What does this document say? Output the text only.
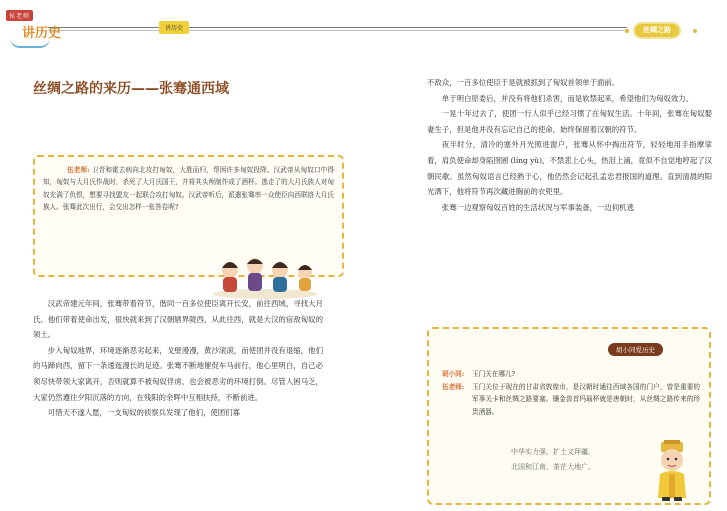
侯老师
讲历史	讲历史	丝绸之路
丝绸之路的来历——张骞通西域
伍老师: 卫青和霍去病向北攻打匈奴，大胜而归，帮困许多匈奴投降。汉武帝从匈奴口中得知，匈奴与大月氏作战时，杀死了大月氏国王，并将其头颅制作成了酒杯。逃走了的大月氏族人对匈奴充满了仇恨，想要寻找盟友一起联合攻打匈奴。汉武帝听后，派遣张骞率一众使臣向西联络大月氏族人。张骞此次出行，会交出怎样一张答卷呢?

汉武帝建元年间，张骞带着符节，偕同一百多位使臣离开长安，前往西域，寻找大月氏。他们带着使命出发，很快就来到了汉朝辖界陇西，从此往西，就是大汉的宿敌匈奴的领土。

步入匈奴地界，环境逐渐恶劣起来，戈壁漫漫，黄沙滚滚，而使团并没有退缩，他们的马蹄向西，留下一条逶迤漫长的足迹。张骞不断地催促车马前行，他心里明白，自己必须尽快带领大家离开，否则就算不被匈奴俘虏，也会被恶劣的环境打倒。尽管人困马乏，大家仍然遵往夕阳沉落的方向，在残阳的余晖中互相扶持，不断前进。

可惜天不遂人愿，一支匈奴的侦察兵发现了他们，使团们寡

不敌众，一百多位使臣于是就被抓到了匈奴首领单于面前。

单于明白原委后，并没有将他们杀害，而是软禁起来，希望他们为匈奴效力。

一晃十年过去了，使团一行人似乎已经习惯了在匈奴生活。十年间，张骞在匈奴娶妻生子，但是他并没有忘记自己的使命，始终保留着汉朝的符节。

夜半时分，清冷的塞外月光照进窗户，张骞从怀中掏出符节，轻轻地用手指摩挲着，肩负使命却身陷囹圄 (líng yǔ)，不禁悲上心头，热泪上涌，竟似不自觉地哼起了汉朝民歌。虽然匈奴语言已经熟于心，他仍然会记起孔孟忠君报国的道理。直到清晨的阳光洒下，他将符节再次藏进胸前的衣兜里。

张骞一边观察匈奴百姓的生活状况与军事装备，一边伺机逃

胡小同爱历史
胡小同:	玉门关在哪儿?
伍老师:	玉门关位于现在的甘肃省敦煌市，是汉朝时通往西域各国的门户，曾是重要的军事关卡和丝绸之路要塞。镶金兽首玛瑙杯就是唐朝时，从丝绸之路传来的珍贵酒器。
中华实力强，扩土又拜疆。
北国和江南，茶茫大地广。
